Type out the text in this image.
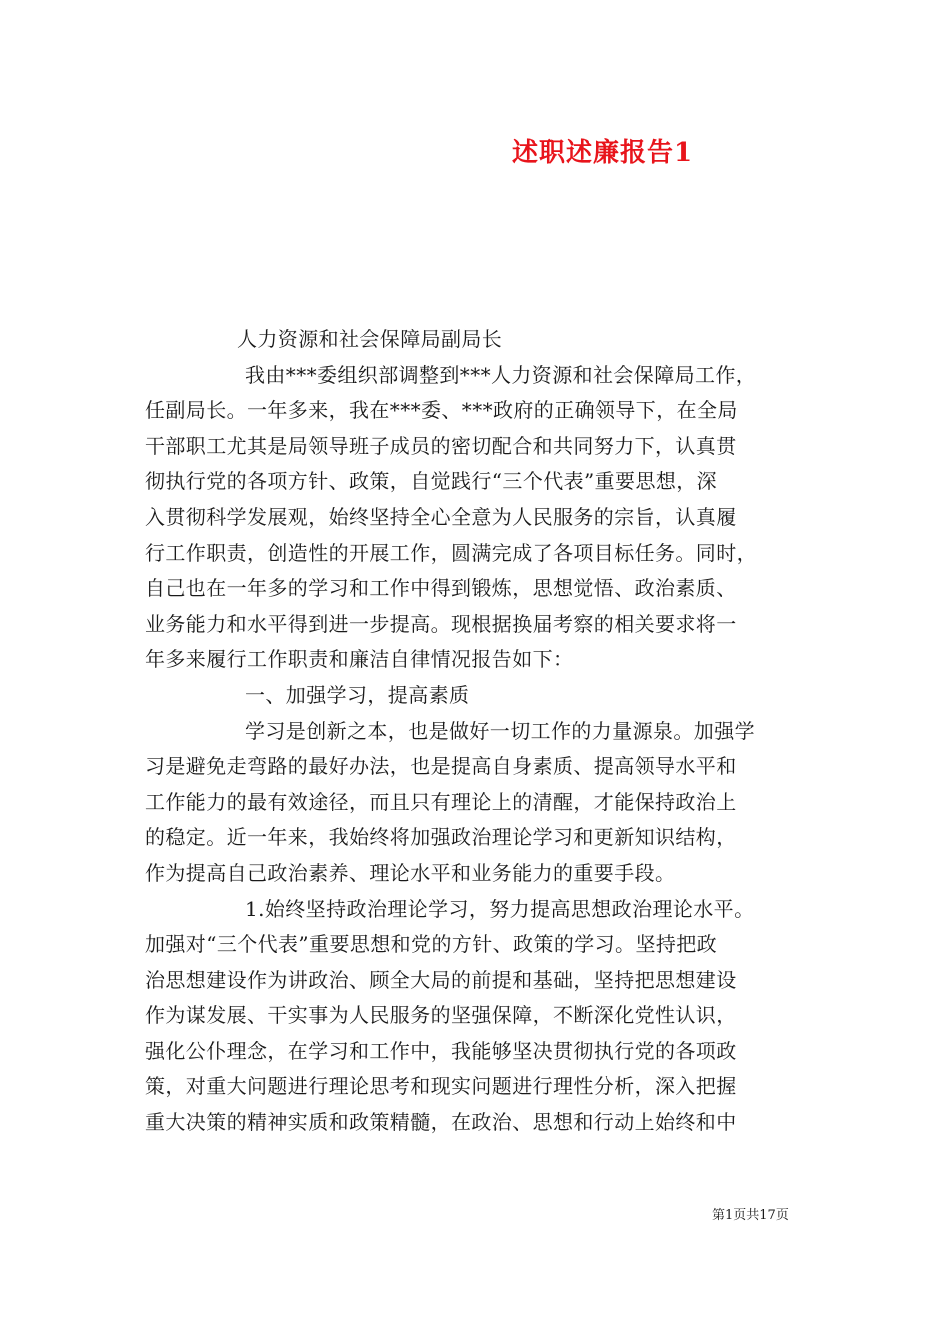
述职述廉报告1
人力资源和社会保障局副局长
我由***委组织部调整到***人力资源和社会保障局工作，
任副局长。一年多来，我在***委、***政府的正确领导下，在全局
干部职工尤其是局领导班子成员的密切配合和共同努力下，认真贯
彻执行党的各项方针、政策，自觉践行“三个代表”重要思想，深
入贯彻科学发展观，始终坚持全心全意为人民服务的宗旨，认真履
行工作职责，创造性的开展工作，圆满完成了各项目标任务。同时，
自己也在一年多的学习和工作中得到锻炼，思想觉悟、政治素质、
业务能力和水平得到进一步提高。现根据换届考察的相关要求将一
年多来履行工作职责和廉洁自律情况报告如下：
一、加强学习，提高素质
学习是创新之本，也是做好一切工作的力量源泉。加强学
习是避免走弯路的最好办法，也是提高自身素质、提高领导水平和
工作能力的最有效途径，而且只有理论上的清醒，才能保持政治上
的稳定。近一年来，我始终将加强政治理论学习和更新知识结构，
作为提高自己政治素养、理论水平和业务能力的重要手段。
1.始终坚持政治理论学习，努力提高思想政治理论水平。
加强对“三个代表”重要思想和党的方针、政策的学习。坚持把政
治思想建设作为讲政治、顾全大局的前提和基础，坚持把思想建设
作为谋发展、干实事为人民服务的坚强保障，不断深化党性认识，
强化公仆理念，在学习和工作中，我能够坚决贯彻执行党的各项政
策，对重大问题进行理论思考和现实问题进行理性分析，深入把握
重大决策的精神实质和政策精髓，在政治、思想和行动上始终和中
第1页共17页
